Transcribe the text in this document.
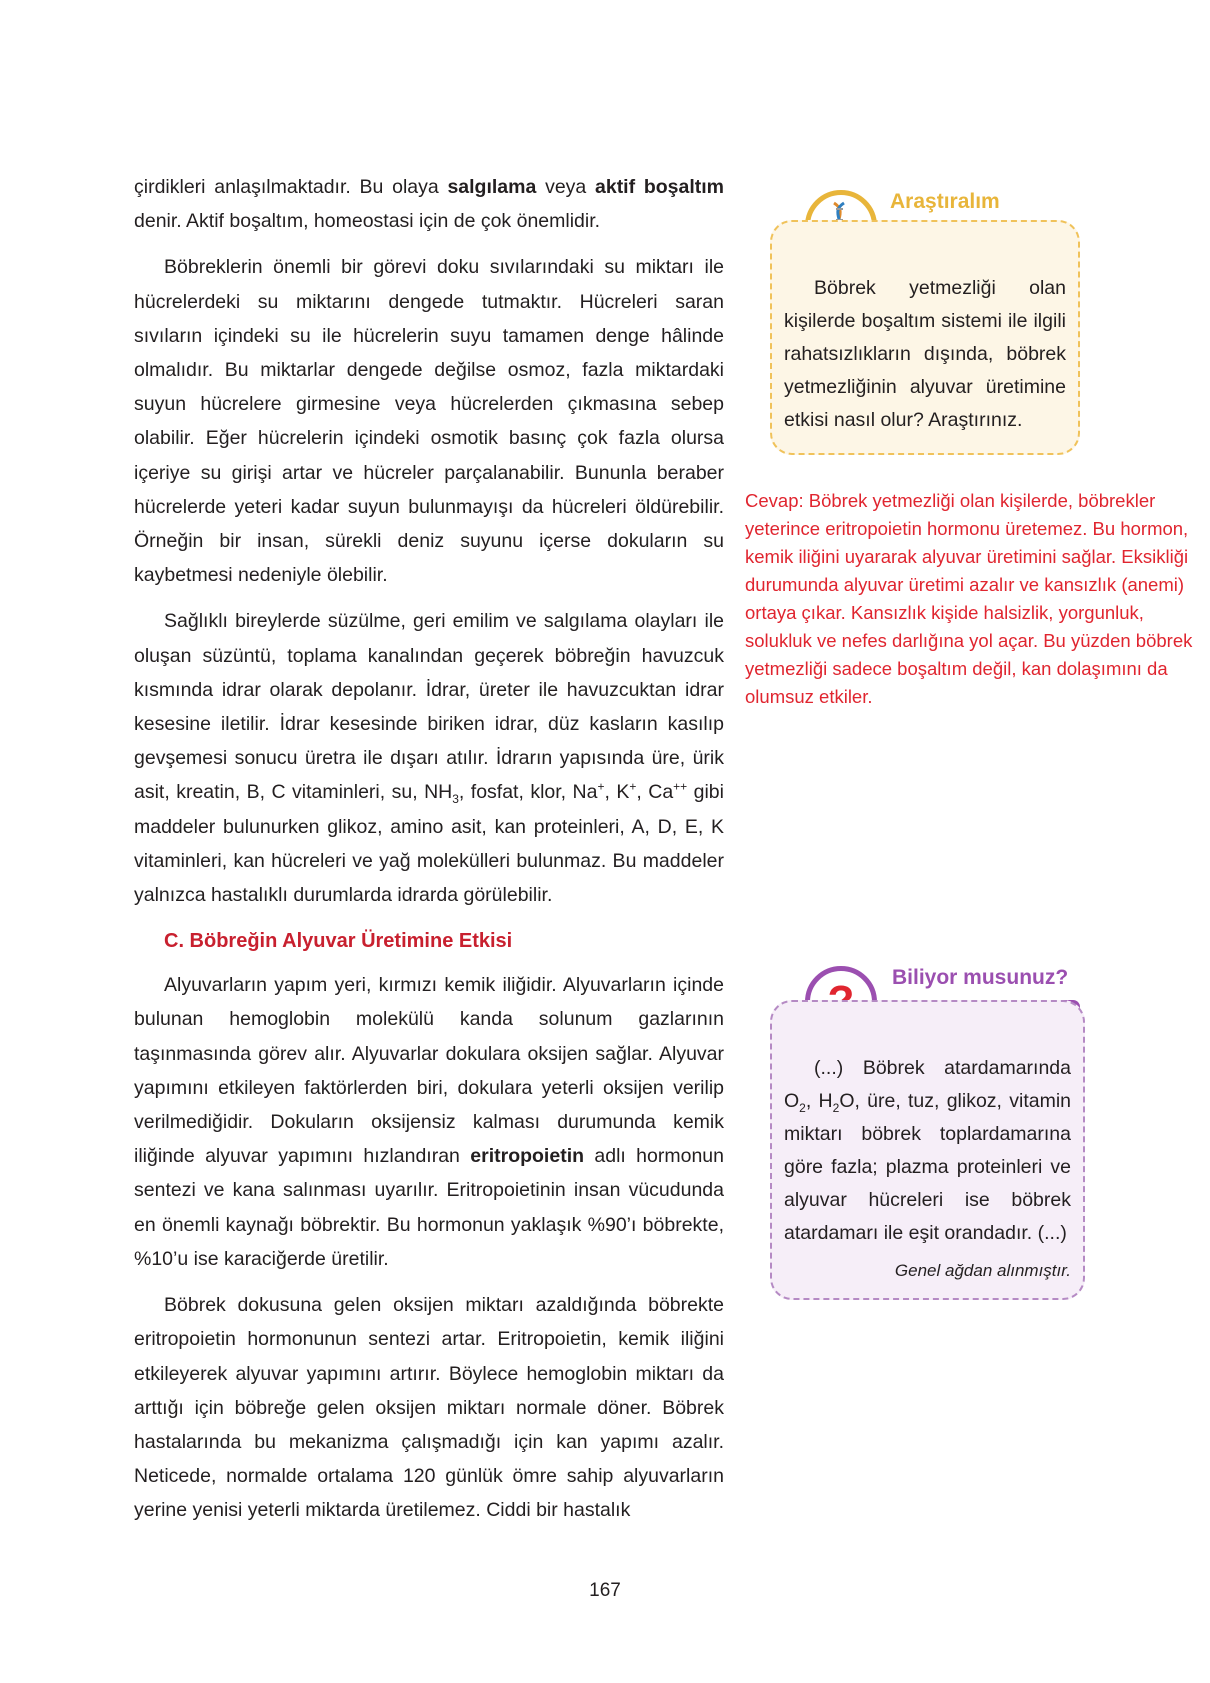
çirdikleri anlaşılmaktadır. Bu olaya salgılama veya aktif boşaltım denir. Aktif boşaltım, homeostasi için de çok önemlidir.

Böbreklerin önemli bir görevi doku sıvılarındaki su miktarı ile hücrelerdeki su miktarını dengede tutmaktır. Hücreleri saran sıvıların içindeki su ile hücrelerin suyu tamamen denge hâlinde olmalıdır. Bu miktarlar dengede değilse osmoz, fazla miktardaki suyun hücrelere girmesine veya hücrelerden çıkmasına sebep olabilir. Eğer hücrelerin içindeki osmotik basınç çok fazla olursa içeriye su girişi artar ve hücreler parçalanabilir. Bununla beraber hücrelerde yeteri kadar suyun bulunmayışı da hücreleri öldürebilir. Örneğin bir insan, sürekli deniz suyunu içerse dokuların su kaybetmesi nedeniyle ölebilir.

Sağlıklı bireylerde süzülme, geri emilim ve salgılama olayları ile oluşan süzüntü, toplama kanalından geçerek böbreğin havuzcuk kısmında idrar olarak depolanır. İdrar, üreter ile havuzcuktan idrar kesesine iletilir. İdrar kesesinde biriken idrar, düz kasların kasılıp gevşemesi sonucu üretra ile dışarı atılır. İdrarın yapısında üre, ürik asit, kreatin, B, C vitaminleri, su, $NH_3$, fosfat, klor, Na+, K+, Ca++ gibi maddeler bulunurken glikoz, amino asit, kan proteinleri, A, D, E, K vitaminleri, kan hücreleri ve yağ molekülleri bulunmaz. Bu maddeler yalnızca hastalıklı durumlarda idrarda görülebilir.

C. Böbreğin Alyuvar Üretimine Etkisi

Alyuvarların yapım yeri, kırmızı kemik iliğidir. Alyuvarların içinde bulunan hemoglobin molekülü kanda solunum gazlarının taşınmasında görev alır. Alyuvarlar dokulara oksijen sağlar. Alyuvar yapımını etkileyen faktörlerden biri, dokulara yeterli oksijen verilip verilmediğidir. Dokuların oksijensiz kalması durumunda kemik iliğinde alyuvar yapımını hızlandıran eritropoietin adlı hormonun sentezi ve kana salınması uyarılır. Eritropoietinin insan vücudunda en önemli kaynağı böbrektir. Bu hormonun yaklaşık %90’ı böbrekte, %10’u ise karaciğerde üretilir.

Böbrek dokusuna gelen oksijen miktarı azaldığında böbrekte eritropoietin hormonunun sentezi artar. Eritropoietin, kemik iliğini etkileyerek alyuvar yapımını artırır. Böylece hemoglobin miktarı da arttığı için böbreğe gelen oksijen miktarı normale döner. Böbrek hastalarında bu mekanizma çalışmadığı için kan yapımı azalır. Neticede, normalde ortalama 120 günlük ömre sahip alyuvarların yerine yenisi yeterli miktarda üretilemez. Ciddi bir hastalık

Araştıralım

Böbrek yetmezliği olan kişilerde boşaltım sistemi ile ilgili rahatsızlıkların dışında, böbrek yetmezliğinin alyuvar üretimine etkisi nasıl olur? Araştırınız.

Cevap: Böbrek yetmezliği olan kişilerde, böbrekler yeterince eritropoietin hormonu üretemez. Bu hormon, kemik iliğini uyararak alyuvar üretimini sağlar. Eksikliği durumunda alyuvar üretimi azalır ve kansızlık (anemi) ortaya çıkar. Kansızlık kişide halsizlik, yorgunluk, solukluk ve nefes darlığına yol açar. Bu yüzden böbrek yetmezliği sadece boşaltım değil, kan dolaşımını da olumsuz etkiler.
Biliyor musunuz?

(...) Böbrek atardamarında $O_2$, $H_2O$, üre, tuz, glikoz, vitamin miktarı böbrek toplardamarına göre fazla; plazma proteinleri ve alyuvar hücreleri ise böbrek atardamarı ile eşit orandadır. (...)

Genel ağdan alınmıştır.
167
